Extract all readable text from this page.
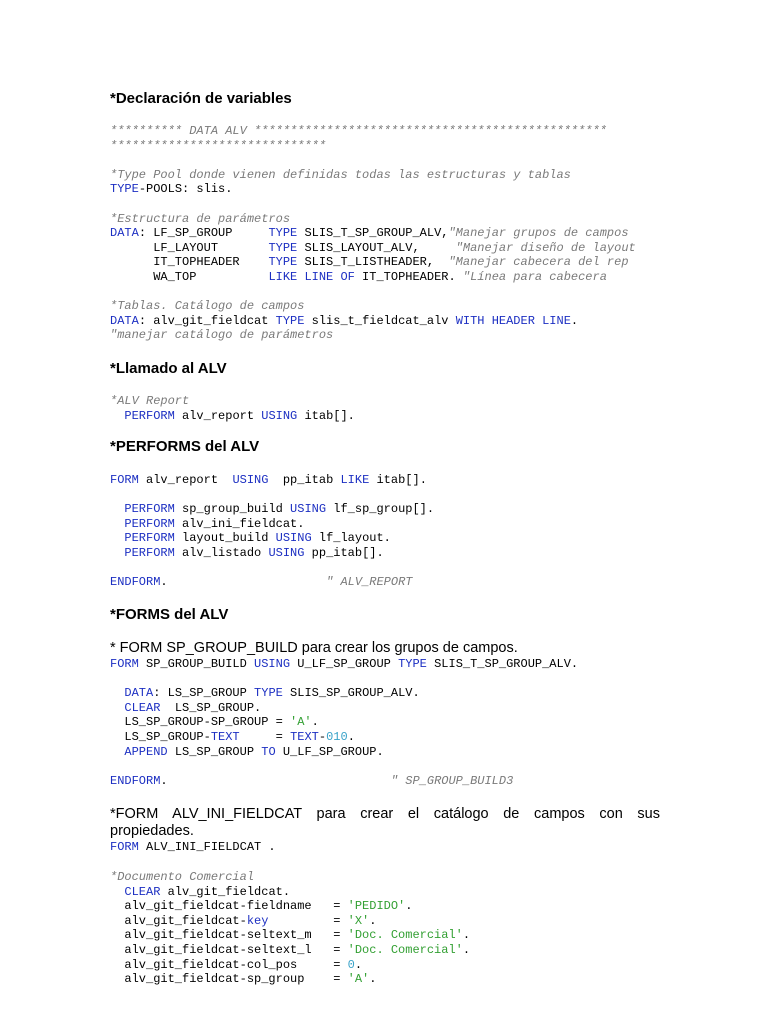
*Declaración de variables
********** DATA ALV *************************************************
******************************

*Type Pool donde vienen definidas todas las estructuras y tablas
TYPE-POOLS: slis.

*Estructura de parámetros
DATA: LF_SP_GROUP     TYPE SLIS_T_SP_GROUP_ALV,"Manejar grupos de campos
LF_LAYOUT       TYPE SLIS_LAYOUT_ALV,     "Manejar diseño de layout
IT_TOPHEADER    TYPE SLIS_T_LISTHEADER,  "Manejar cabecera del rep
WA_TOP          LIKE LINE OF IT_TOPHEADER. "Línea para cabecera

*Tablas. Catálogo de campos
DATA: alv_git_fieldcat TYPE slis_t_fieldcat_alv WITH HEADER LINE.
"manejar catálogo de parámetros
*Llamado al ALV
*ALV Report
PERFORM alv_report USING itab[].
*PERFORMS del ALV
FORM alv_report  USING  pp_itab LIKE itab[].

PERFORM sp_group_build USING lf_sp_group[].
PERFORM alv_ini_fieldcat.
PERFORM layout_build USING lf_layout.
PERFORM alv_listado USING pp_itab[].

ENDFORM.                      " ALV_REPORT
*FORMS del ALV

* FORM SP_GROUP_BUILD para crear los grupos de campos.

FORM SP_GROUP_BUILD USING U_LF_SP_GROUP TYPE SLIS_T_SP_GROUP_ALV.

DATA: LS_SP_GROUP TYPE SLIS_SP_GROUP_ALV.
CLEAR  LS_SP_GROUP.
LS_SP_GROUP-SP_GROUP = 'A'.
LS_SP_GROUP-TEXT     = TEXT-010.
APPEND LS_SP_GROUP TO U_LF_SP_GROUP.

ENDFORM.                               " SP_GROUP_BUILD3

*FORM ALV_INI_FIELDCAT para crear el catálogo de campos con sus

propiedades.

FORM ALV_INI_FIELDCAT .
*Documento Comercial
CLEAR alv_git_fieldcat.
alv_git_fieldcat-fieldname   = 'PEDIDO'.
alv_git_fieldcat-key         = 'X'.
alv_git_fieldcat-seltext_m   = 'Doc. Comercial'.
alv_git_fieldcat-seltext_l   = 'Doc. Comercial'.
alv_git_fieldcat-col_pos     = 0.
alv_git_fieldcat-sp_group    = 'A'.
